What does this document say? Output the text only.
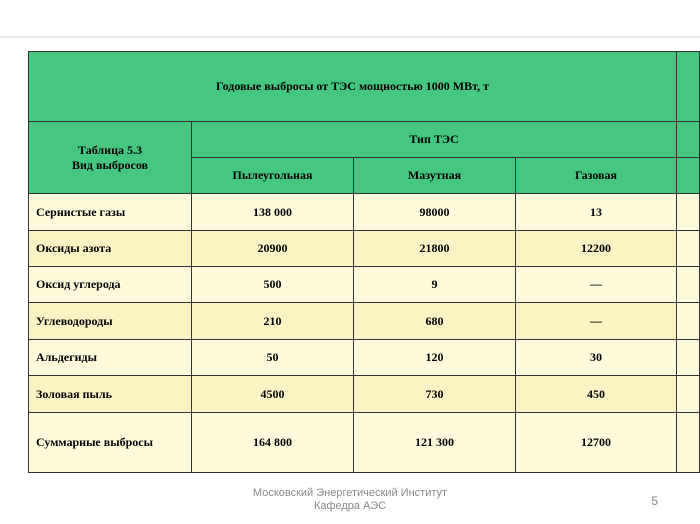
Годовые выбросы от ТЭС мощностью 1000 МВт, т				

Таблица 5.3
Вид выбросов	Тип ТЭС			
	Пылеугольная	Мазутная	Газовая	
Сернистые газы	138 000	98000	13	
Оксиды азота	20900	21800	12200	
Оксид углерода	500	9	—	
Углеводороды	210	680	—	
Альдегиды	50	120	30	
Золовая пыль	4500	730	450	
Суммарные выбросы	164 800	121 300	12700	
Московский Энергетический Институт
Кафедра АЭС	5
